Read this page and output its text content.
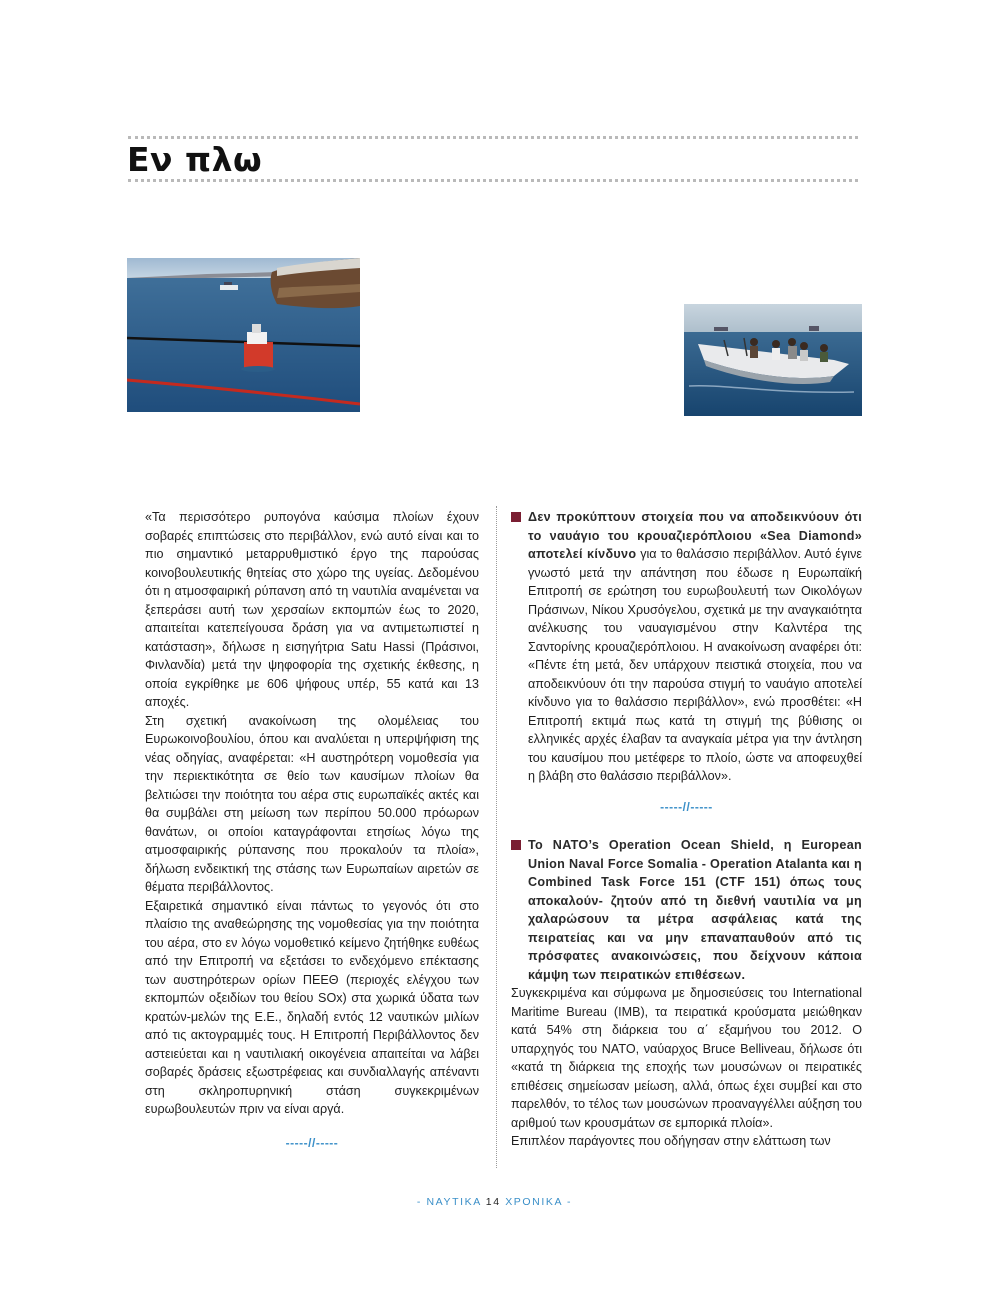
Εν πλω

«Τα περισσότερο ρυπογόνα καύσιμα πλοίων έχουν σοβαρές επιπτώσεις στο περιβάλλον, ενώ αυτό είναι και το πιο σημαντικό μεταρρυθμιστικό έργο της παρούσας κοινοβουλευτικής θητείας στο χώρο της υγείας. Δεδομένου ότι η ατμοσφαιρική ρύπανση από τη ναυτιλία αναμένεται να ξεπεράσει αυτή των χερσαίων εκπομπών έως το 2020, απαιτείται κατεπείγουσα δράση για να αντιμετωπιστεί η κατάσταση», δήλωσε η εισηγήτρια Satu Hassi (Πράσινοι, Φινλανδία) μετά την ψηφοφορία της σχετικής έκθεσης, η οποία εγκρίθηκε με 606 ψήφους υπέρ, 55 κατά και 13 αποχές.

Στη σχετική ανακοίνωση της ολομέλειας του Ευρωκοινοβουλίου, όπου και αναλύεται η υπερψήφιση της νέας οδηγίας, αναφέρεται: «Η αυστηρότερη νομοθεσία για την περιεκτικότητα σε θείο των καυσίμων πλοίων θα βελτιώσει την ποιότητα του αέρα στις ευρωπαϊκές ακτές και θα συμβάλει στη μείωση των περίπου 50.000 πρόωρων θανάτων, οι οποίοι καταγράφονται ετησίως λόγω της ατμοσφαιρικής ρύπανσης που προκαλούν τα πλοία», δήλωση ενδεικτική της στάσης των Ευρωπαίων αιρετών σε θέματα περιβάλλοντος.

Εξαιρετικά σημαντικό είναι πάντως το γεγονός ότι στο πλαίσιο της αναθεώρησης της νομοθεσίας για την ποιότητα του αέρα, στο εν λόγω νομοθετικό κείμενο ζητήθηκε ευθέως από την Επιτροπή να εξετάσει το ενδεχόμενο επέκτασης των αυστηρότερων ορίων ΠΕΕΘ (περιοχές ελέγχου των εκπομπών οξειδίων του θείου SOx) στα χωρικά ύδατα των κρατών-μελών της Ε.Ε., δηλαδή εντός 12 ναυτικών μιλίων από τις ακτογραμμές τους. Η Επιτροπή Περιβάλλοντος δεν αστειεύεται και η ναυτιλιακή οικογένεια απαιτείται να λάβει σοβαρές δράσεις εξωστρέφειας και συνδιαλλαγής απέναντι στη σκληροπυρηνική στάση συγκεκριμένων ευρωβουλευτών πριν να είναι αργά.

-----//-----

Δεν προκύπτουν στοιχεία που να αποδεικνύουν ότι το ναυάγιο του κρουαζιερόπλοιου «Sea Diamond» αποτελεί κίνδυνο για το θαλάσσιο περιβάλλον. Αυτό έγινε γνωστό μετά την απάντηση που έδωσε η Ευρωπαϊκή Επιτροπή σε ερώτηση του ευρωβουλευτή των Οικολόγων Πράσινων, Νίκου Χρυσόγελου, σχετικά με την αναγκαιότητα ανέλκυσης του ναυαγισμένου στην Καλντέρα της Σαντορίνης κρουαζιερόπλοιου. Η ανακοίνωση αναφέρει ότι: «Πέντε έτη μετά, δεν υπάρχουν πειστικά στοιχεία, που να αποδεικνύουν ότι την παρούσα στιγμή το ναυάγιο αποτελεί κίνδυνο για το θαλάσσιο περιβάλλον», ενώ προσθέτει: «Η Επιτροπή εκτιμά πως κατά τη στιγμή της βύθισης οι ελληνικές αρχές έλαβαν τα αναγκαία μέτρα για την άντληση του καυσίμου που μετέφερε το πλοίο, ώστε να αποφευχθεί η βλάβη στο θαλάσσιο περιβάλλον».

-----//-----

Το NATO’s Operation Ocean Shield, η European Union Naval Force Somalia - Operation Atalanta και η Combined Task Force 151 (CTF 151) όπως τους αποκαλούν- ζητούν από τη διεθνή ναυτιλία να μη χαλαρώσουν τα μέτρα ασφάλειας κατά της πειρατείας και να μην επαναπαυθούν από τις πρόσφατες ανακοινώσεις, που δείχνουν κάποια κάμψη των πειρατικών επιθέσεων.

Συγκεκριμένα και σύμφωνα με δημοσιεύσεις του International Maritime Bureau (IMB), τα πειρατικά κρούσματα μειώθηκαν κατά 54% στη διάρκεια του α΄ εξαμήνου του 2012. Ο υπαρχηγός του ΝΑΤΟ, ναύαρχος Bruce Belliveau, δήλωσε ότι «κατά τη διάρκεια της εποχής των μουσώνων οι πειρατικές επιθέσεις σημείωσαν μείωση, αλλά, όπως έχει συμβεί και στο παρελθόν, το τέλος των μουσώνων προαναγγέλλει αύξηση του αριθμού των κρουσμάτων σε εμπορικά πλοία».

Επιπλέον παράγοντες που οδήγησαν στην ελάττωση των

- ΝΑΥΤΙΚΑ 14 ΧΡΟΝΙΚΑ -
